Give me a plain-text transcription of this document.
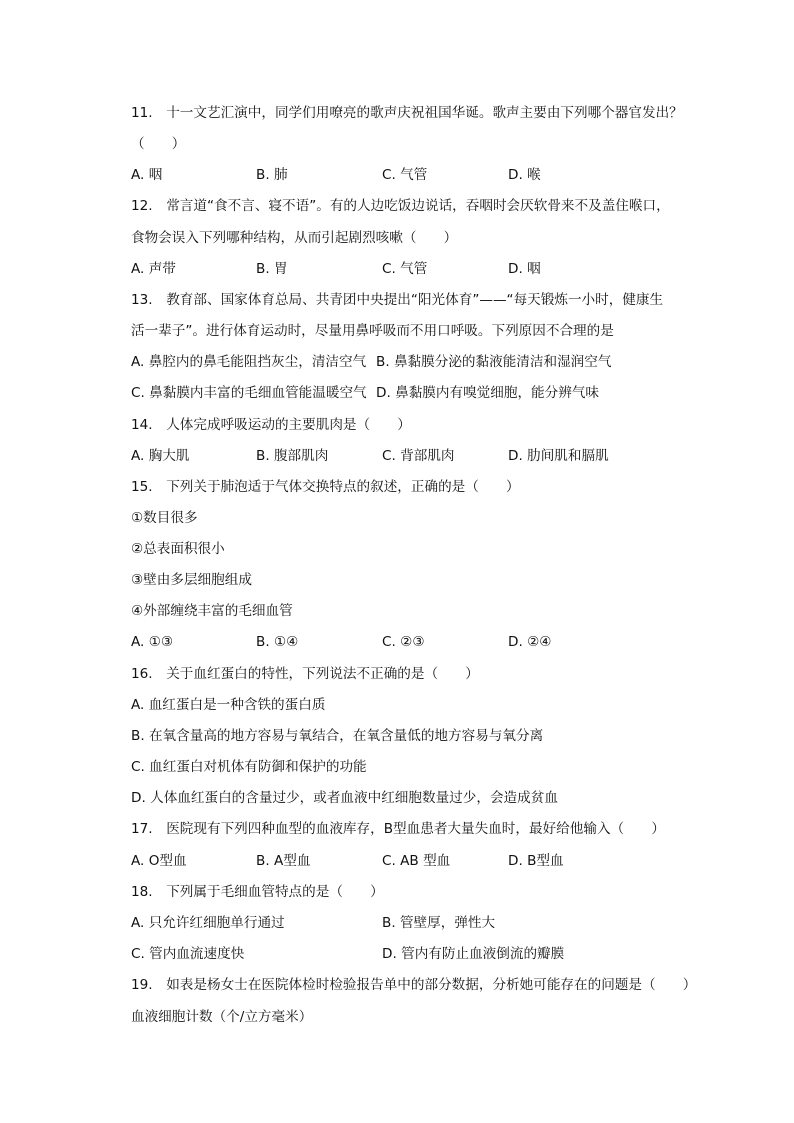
11.　十一文艺汇演中，同学们用嘹亮的歌声庆祝祖国华诞。歌声主要由下列哪个器官发出？
（　　）
A. 咽	B. 肺	C. 气管	D. 喉
12.　常言道“食不言、寝不语”。有的人边吃饭边说话，吞咽时会厌软骨来不及盖住喉口，
食物会误入下列哪种结构，从而引起剧烈咳嗽（　　）
A. 声带	B. 胃	C. 气管	D. 咽
13.　教育部、国家体育总局、共青团中央提出“阳光体育”——“每天锻炼一小时，健康生
活一辈子”。进行体育运动时，尽量用鼻呼吸而不用口呼吸。下列原因不合理的是
A. 鼻腔内的鼻毛能阻挡灰尘，清洁空气 B. 鼻黏膜分泌的黏液能清洁和湿润空气
C. 鼻黏膜内丰富的毛细血管能温暖空气 D. 鼻黏膜内有嗅觉细胞，能分辨气味
14.　人体完成呼吸运动的主要肌肉是（　　）
A. 胸大肌	B. 腹部肌肉	C. 背部肌肉	D. 肋间肌和膈肌
15.　下列关于肺泡适于气体交换特点的叙述，正确的是（　　）
①数目很多
②总表面积很小
③壁由多层细胞组成
④外部缠绕丰富的毛细血管
A. ①③	B. ①④	C. ②③	D. ②④
16.　关于血红蛋白的特性，下列说法不正确的是（　　）
A. 血红蛋白是一种含铁的蛋白质
B. 在氧含量高的地方容易与氧结合，在氧含量低的地方容易与氧分离
C. 血红蛋白对机体有防御和保护的功能
D. 人体血红蛋白的含量过少，或者血液中红细胞数量过少，会造成贫血
17.　医院现有下列四种血型的血液库存，B型血患者大量失血时，最好给他输入（　　）
A. O型血	B. A型血	C. AB 型血	D. B型血
18.　下列属于毛细血管特点的是（　　）
A. 只允许红细胞单行通过	B. 管壁厚，弹性大
C. 管内血流速度快	D. 管内有防止血液倒流的瓣膜
19.　如表是杨女士在医院体检时检验报告单中的部分数据，分析她可能存在的问题是（　　）
血液细胞计数（个/立方毫米）
